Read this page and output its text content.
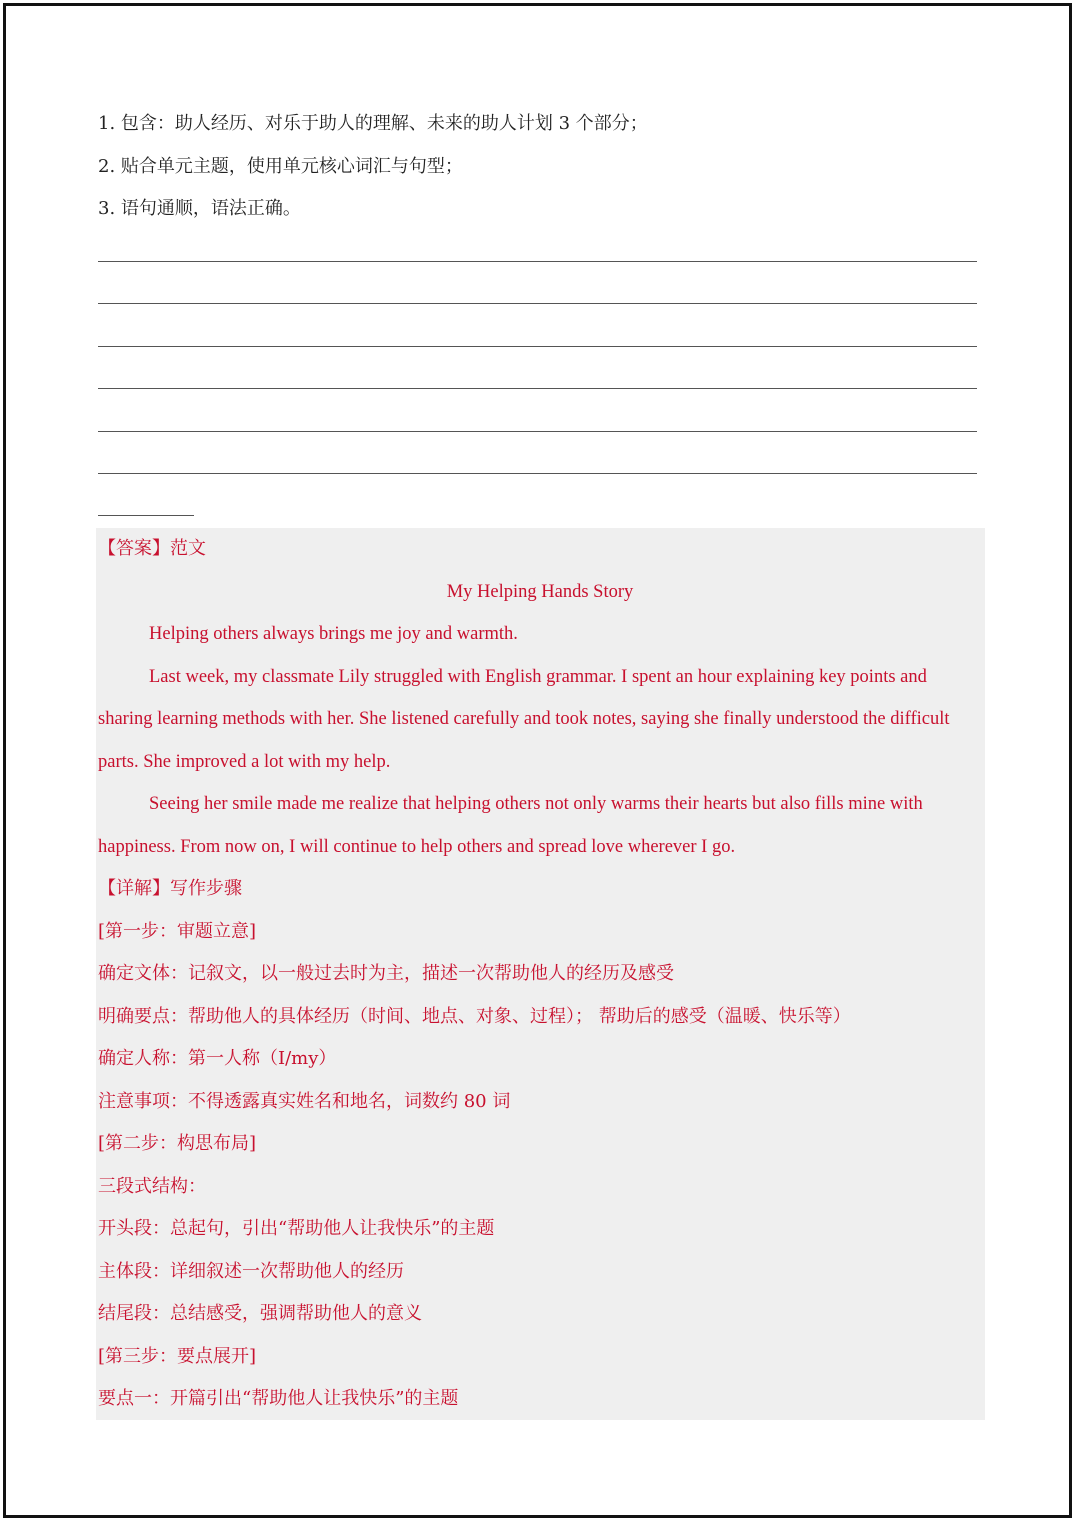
1. 包含：助人经历、对乐于助人的理解、未来的助人计划 3 个部分；
2. 贴合单元主题，使用单元核心词汇与句型；
3. 语句通顺，语法正确。
【答案】范文
My Helping Hands Story
Helping others always brings me joy and warmth.
Last week, my classmate Lily struggled with English grammar. I spent an hour explaining key points and
sharing learning methods with her. She listened carefully and took notes, saying she finally understood the difficult
parts. She improved a lot with my help.
Seeing her smile made me realize that helping others not only warms their hearts but also fills mine with
happiness. From now on, I will continue to help others and spread love wherever I go.
【详解】写作步骤
[第一步：审题立意]
确定文体：记叙文，以一般过去时为主，描述一次帮助他人的经历及感受
明确要点：帮助他人的具体经历（时间、地点、对象、过程）； 帮助后的感受（温暖、快乐等）
确定人称：第一人称（I/my）
注意事项：不得透露真实姓名和地名，词数约 80 词
[第二步：构思布局]
三段式结构：
开头段：总起句，引出“帮助他人让我快乐”的主题
主体段：详细叙述一次帮助他人的经历
结尾段：总结感受，强调帮助他人的意义
[第三步：要点展开]
要点一：开篇引出“帮助他人让我快乐”的主题
